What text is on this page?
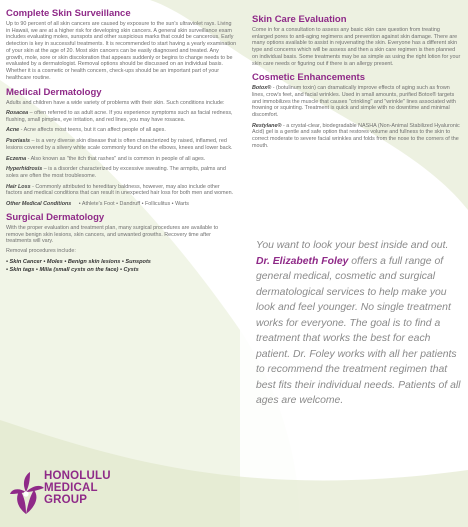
Complete Skin Surveillance

Up to 90 percent of all skin cancers are caused by exposure to the sun's ultraviolet rays. Living in Hawaii, we are at a higher risk for developing skin cancers. A general skin surveillance exam includes evaluating moles, sunspots and other suspicious marks that could be cancerous. Early detection is key in successful treatments. It is recommended to start having a yearly examination of your skin at the age of 20. Most skin cancers can be easily diagnosed and treated. Any growth, mole, sore or skin discoloration that appears suddenly or begins to change needs to be evaluated by a dermatologist. Removal options should be discussed on an individual basis. Whether it is a cosmetic or health concern, check-ups should be an important part of your healthcare routine.

Medical Dermatology

Adults and children have a wide variety of problems with their skin. Such conditions include:

Rosacea – often referred to as adult acne. If you experience symptoms such as facial redness, flushing, small pimples, eye irritation, and red lines, you may have rosacea.

Acne - Acne affects most teens, but it can affect people of all ages.

Psoriasis – is a very diverse skin disease that is often characterized by raised, inflamed, red lesions covered by a silvery white scale commonly found on the elbows, knees and lower back.

Eczema - Also known as "the itch that rashes" and is common in people of all ages.

Hyperhidrosis – is a disorder characterized by excessive sweating. The armpits, palms and soles are often the most troublesome.

Hair Loss - Commonly attributed to hereditary baldness, however, may also include other factors and medical conditions that can result in unexpected hair loss for both men and women.

Other Medical Conditions • Athlete's Foot • Dandruff • Folliculitus • Warts
Surgical Dermatology

With the proper evaluation and treatment plan, many surgical procedures are available to remove benign skin lesions, skin cancers, and unwanted growths. Recovery time after treatments will vary.

Removal procedures include:

• Skin Cancer • Moles • Benign skin lesions • Sunspots
• Skin tags • Milia (small cysts on the face) • Cysts
Skin Care Evaluation

Come in for a consultation to assess any basic skin care question from treating enlarged pores to anti-aging regimens and prevention against skin damage. There are many options available to assist in rejuvenating the skin. Everyone has a different skin type and concerns which will be assess and then a skin care regimen is then planned on individual basis. Some treatments may be as simple as using the right lotion for your skin care needs or figuring out if there is an allergy present.

Cosmetic Enhancements

Botox® - (botulinum toxin) can dramatically improve effects of aging such as frown lines, crow's feet, and facial wrinkles. Used in small amounts, purified Botox® targets and immobilizes the muscle that causes "crinkling" and "wrinkle" lines associated with frowning or squinting. Treatment is quick and simple with no downtime and minimal discomfort.

Restylane® - a crystal-clear, biodegradable NASHA (Non-Animal Stabilized Hyaluronic Acid) gel is a gentle and safe option that restores volume and fullness to the skin to correct moderate to severe facial wrinkles and folds from the nose to the corners of the mouth.

You want to look your best inside and out. Dr. Elizabeth Foley offers a full range of general medical, cosmetic and surgical dermatological services to help make you look and feel younger. No single treatment works for everyone. The goal is to find a treatment that works the best for each patient. Dr. Foley works with all her patients to recommend the treatment regimen that best fits their individual needs. Patients of all ages are welcome.

HONOLULU
MEDICAL
GROUP
